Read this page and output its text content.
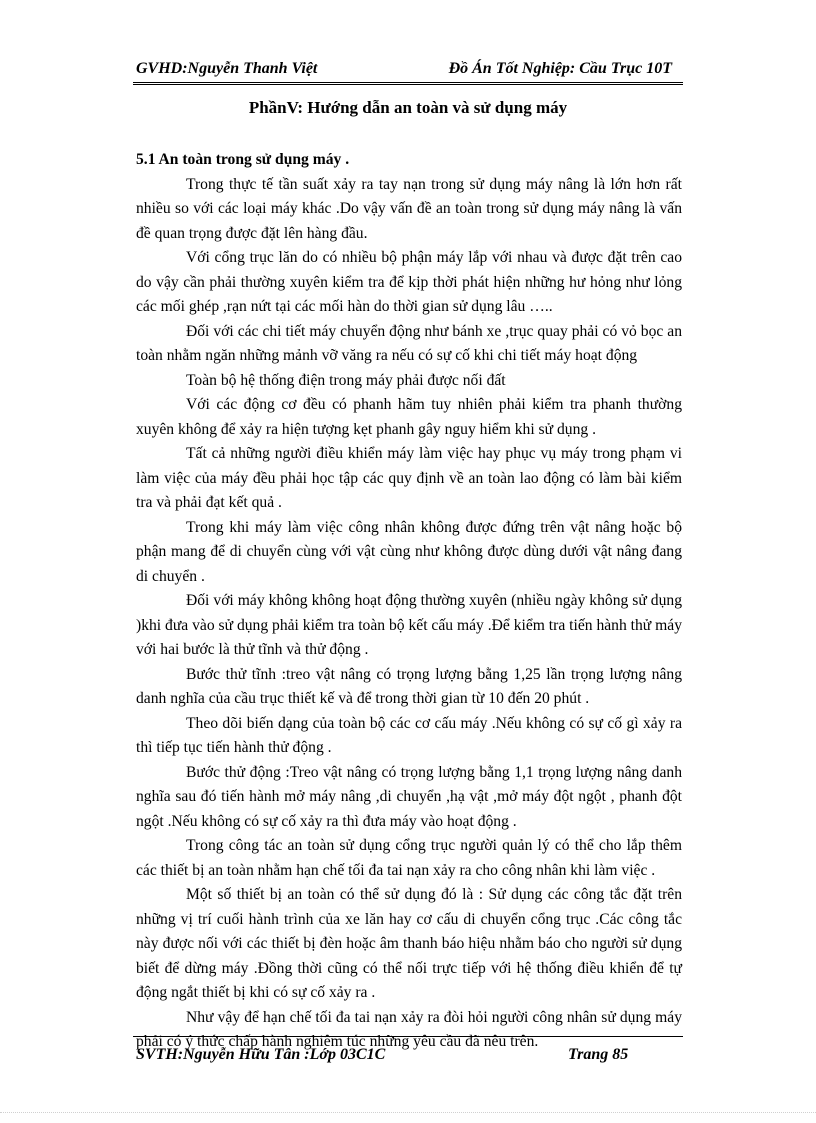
GVHD:Nguyễn Thanh Việt	Đồ Án Tốt Nghiệp: Cầu Trục 10T
PhầnV: Hướng dẫn an toàn và sử dụng máy

5.1 An toàn trong sử dụng máy .

Trong thực tế tần suất xảy ra tay nạn trong sử dụng máy nâng là lớn hơn rất nhiều so với các loại máy khác .Do vậy vấn đề an toàn trong sử dụng máy nâng là vấn đề quan trọng được đặt lên hàng đầu.

Với cổng trục lăn do có nhiều bộ phận máy lắp với nhau và được đặt trên cao do vậy cần phải thường xuyên kiểm tra để kịp thời phát hiện những hư hỏng như lỏng các mối ghép ,rạn nứt tại các mối hàn do thời gian sử dụng lâu …..

Đối với các chi tiết máy chuyển động như bánh xe ,trục quay phải có vỏ bọc an toàn nhằm ngăn những mảnh vỡ văng ra nếu có sự cố khi chi tiết máy hoạt động

Toàn bộ hệ thống điện trong máy phải được nối đất

Với các động cơ đều có phanh hãm tuy nhiên phải kiểm tra phanh thường xuyên không để xảy ra hiện tượng kẹt phanh gây nguy hiểm khi sử dụng .

Tất cả những người điều khiển máy làm việc hay phục vụ máy trong phạm vi làm việc của máy đều phải học tập các quy định về an toàn lao động có làm bài kiểm tra và phải đạt kết quả .

Trong khi máy làm việc công nhân không được đứng trên vật nâng hoặc bộ phận mang để di chuyển cùng với vật cùng như không được dùng dưới vật nâng đang di chuyển .

Đối với máy không không hoạt động thường xuyên (nhiều ngày không sử dụng )khi đưa vào sử dụng phải kiểm tra toàn bộ kết cấu máy .Để kiểm tra tiến hành thử máy với hai bước là thử tĩnh và thử động .

Bước thử tĩnh :treo vật nâng có trọng lượng bằng 1,25 lần trọng lượng nâng danh nghĩa của cầu trục thiết kế và để trong thời gian từ 10 đến 20 phút .

Theo dõi biến dạng của toàn bộ các cơ cấu máy .Nếu không có sự cố gì xảy ra thì tiếp tục tiến hành thử động .

Bước thử động :Treo vật nâng có trọng lượng bằng 1,1 trọng lượng nâng danh nghĩa sau đó tiến hành mở máy nâng ,di chuyển ,hạ vật ,mở máy đột ngột , phanh đột ngột .Nếu không có sự cố xảy ra thì đưa máy vào hoạt động .

Trong công tác an toàn sử dụng cổng trục người quản lý có thể cho lắp thêm các thiết bị an toàn nhằm hạn chế tối đa tai nạn xảy ra cho công nhân khi làm việc .

Một số thiết bị an toàn có thể sử dụng đó là : Sử dụng các công tắc đặt trên những vị trí cuối hành trình của xe lăn hay cơ cấu di chuyển cổng trục .Các công tắc này được nối với các thiết bị đèn hoặc âm thanh báo hiệu nhằm báo cho người sử dụng biết để dừng máy .Đồng thời cũng có thể nối trực tiếp với hệ thống điều khiển để tự động ngắt thiết bị khi có sự cố xảy ra .

Như vậy để hạn chế tối đa tai nạn xảy ra đòi hỏi người công nhân sử dụng máy phải có ý thức chấp hành nghiêm túc những yêu cầu đã nêu trên.

SVTH:Nguyễn Hữu Tân :Lớp 03C1C	Trang 85
